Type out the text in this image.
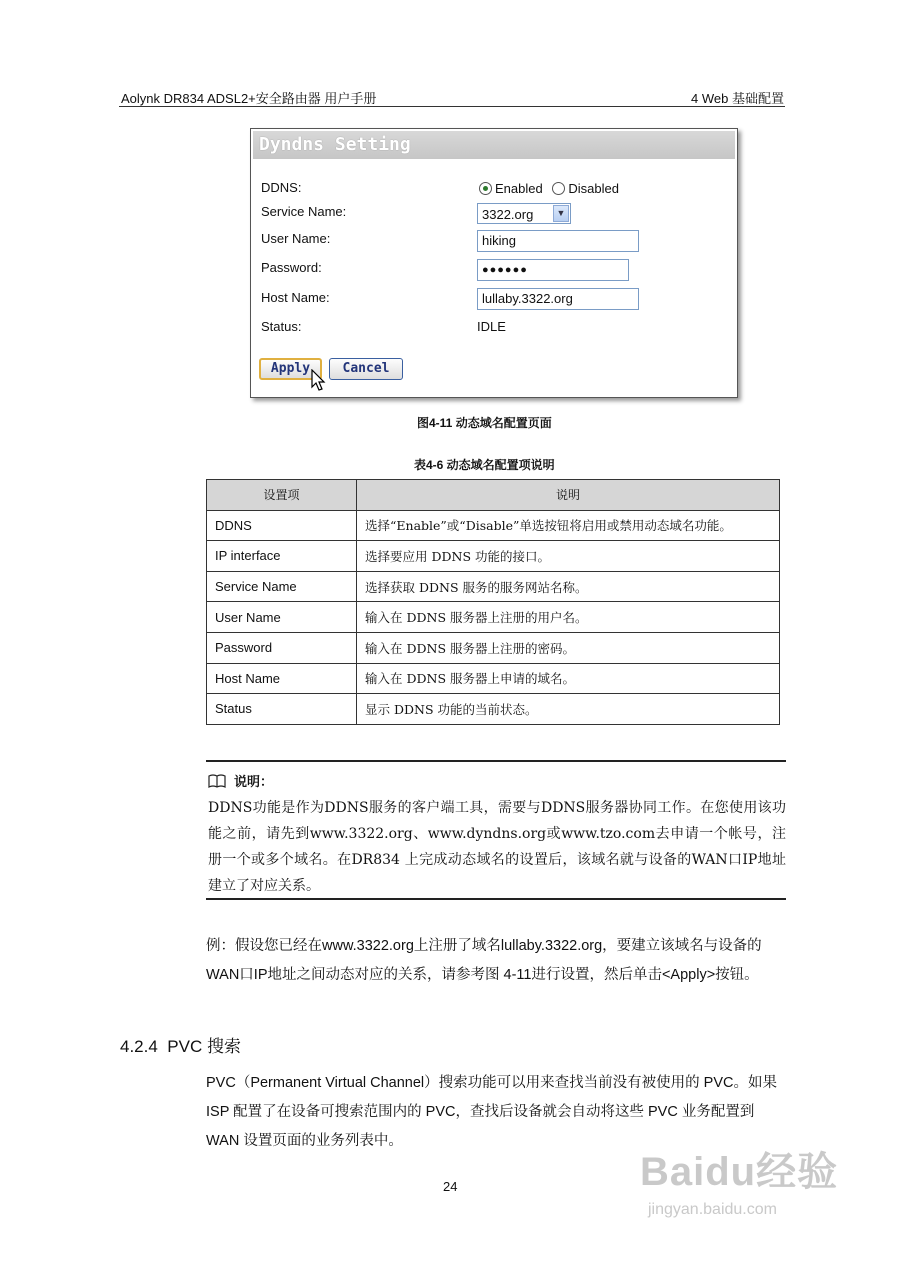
Aolynk DR834 ADSL2+安全路由器 用户手册	4 Web 基础配置
Dyndns Setting
DDNS:	Enabled Disabled
Service Name:	3322.org	▼
User Name:	hiking
Password:	●●●●●●
Host Name:	lullaby.3322.org
Status:	IDLE
Apply	Cancel
图4-11 动态域名配置页面
表4-6 动态域名配置项说明
设置项	说明
DDNS	选择“Enable”或“Disable”单选按钮将启用或禁用动态域名功能。
IP interface	选择要应用 DDNS 功能的接口。
Service Name	选择获取 DDNS 服务的服务网站名称。
User Name	输入在 DDNS 服务器上注册的用户名。
Password	输入在 DDNS 服务器上注册的密码。
Host Name	输入在 DDNS 服务器上申请的域名。
Status	显示 DDNS 功能的当前状态。
说明：
DDNS功能是作为DDNS服务的客户端工具，需要与DDNS服务器协同工作。在您使用该功能之前，请先到www.3322.org、www.dyndns.org或www.tzo.com去申请一个帐号，注册一个或多个域名。在DR834 上完成动态域名的设置后，该域名就与设备的WAN口IP地址建立了对应关系。
例：假设您已经在www.3322.org上注册了域名lullaby.3322.org，要建立该域名与设备的WAN口IP地址之间动态对应的关系，请参考图 4-11进行设置，然后单击<Apply>按钮。
4.2.4 PVC 搜索
PVC（Permanent Virtual Channel）搜索功能可以用来查找当前没有被使用的 PVC。如果 ISP 配置了在设备可搜索范围内的 PVC，查找后设备就会自动将这些 PVC 业务配置到 WAN 设置页面的业务列表中。
24	Baidu经验
jingyan.baidu.com
